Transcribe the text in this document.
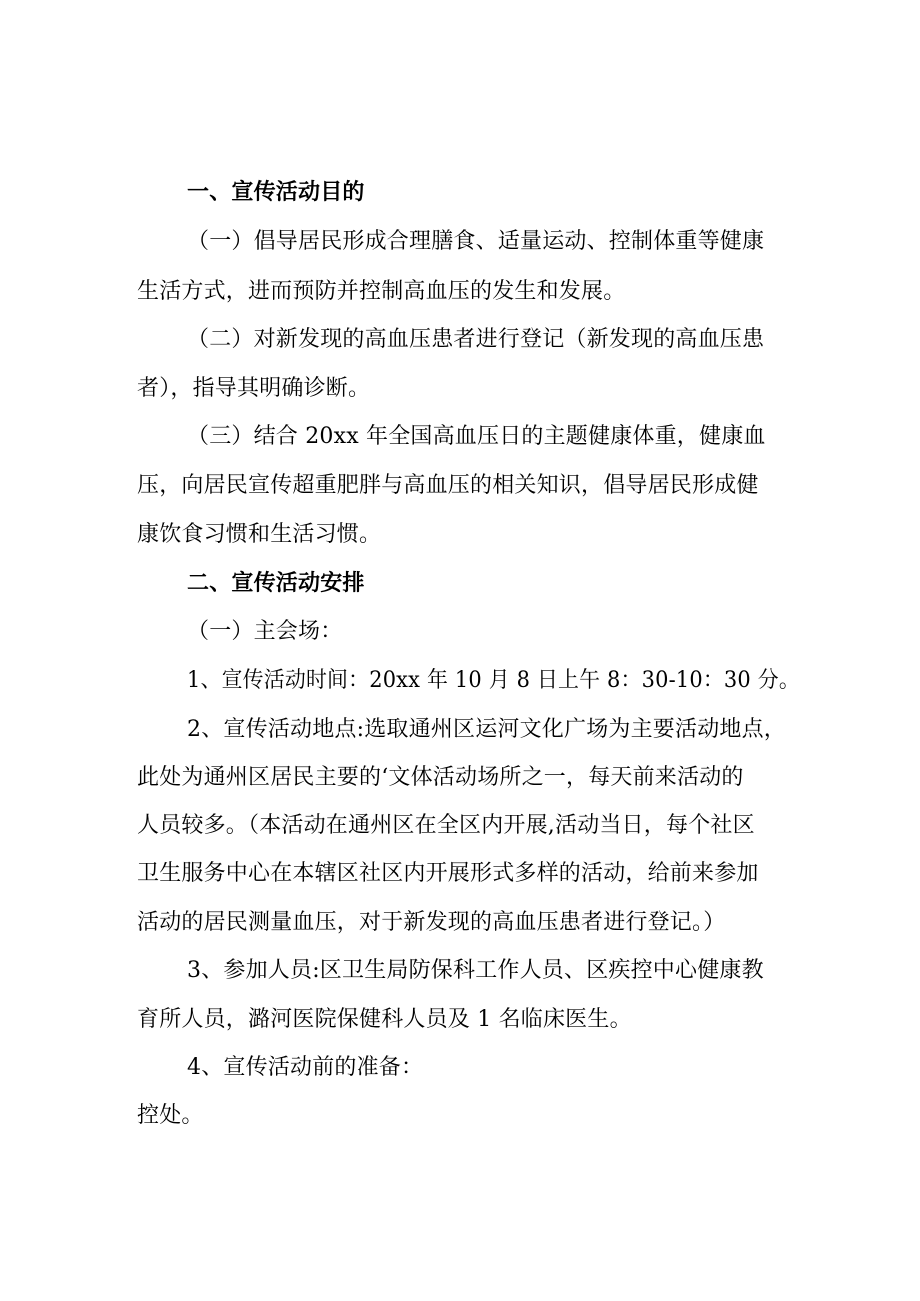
一、宣传活动目的
（一）倡导居民形成合理膳食、适量运动、控制体重等健康
生活方式，进而预防并控制高血压的发生和发展。
（二）对新发现的高血压患者进行登记（新发现的高血压患
者），指导其明确诊断。
（三）结合 20xx 年全国高血压日的主题健康体重，健康血
压，向居民宣传超重肥胖与高血压的相关知识，倡导居民形成健
康饮食习惯和生活习惯。
二、宣传活动安排
（一）主会场：
1、宣传活动时间：20xx 年 10 月 8 日上午 8：30-10：30 分。
2、宣传活动地点:选取通州区运河文化广场为主要活动地点，
此处为通州区居民主要的‘文体活动场所之一，每天前来活动的
人员较多。（本活动在通州区在全区内开展,活动当日，每个社区
卫生服务中心在本辖区社区内开展形式多样的活动，给前来参加
活动的居民测量血压，对于新发现的高血压患者进行登记。）
3、参加人员:区卫生局防保科工作人员、区疾控中心健康教
育所人员，潞河医院保健科人员及 1 名临床医生。
4、宣传活动前的准备：
控处。
